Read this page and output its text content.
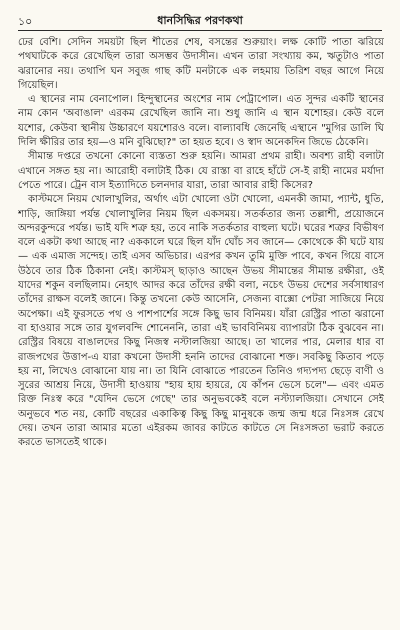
১০	ধানসিদ্ধির পরণকথা

ঢের বেশি। সেদিন সময়টা ছিল শীতের শেষ, বসন্তের শুরুয়াং। লক্ষ কোটি পাতা ঝরিয়ে পথঘাটকে করে রেখেছিল তারা অসম্ভব উদাসীন। এখন তারা সংখ্যায় কম, ঋতুটাও পাতা ঝরানোর নয়। তথাপি ঘন সবুজ গাছ কটি মনটাকে এক লহমায় তিরিশ বছর আগে নিয়ে গিয়েছিল।

এ স্থানের নাম বেনাপোল। হিন্দুস্থানের অংশের নাম পেট্রাপোল। এত সুন্দর একটি স্থানের নাম কোন 'অবাঙাল' এরকম রেখেছিল জানি না। শুধু জানি এ স্থান যশোহর। কেউ বলে যশোর, কেউবা স্থানীয় উচ্চারণে যয়শোরও বলে। বাল্যাবধি জেনেছি এস্থানে "মুগির ডালি ঘি দিলি ক্ষীরির তার হয়—ও মনি বুঝিছো?" তা হয়ত হবে। ও স্বাদ অনেকদিন জিভে ঠেকেনি।

সীমান্ত দপ্তরে তখনো কোনো ব্যস্ততা শুরু হয়নি। আমরা প্রথম রাহী। অবশ্য রাহী বলাটা এখানে সঙ্গত হয় না। আরোহী বলাটাই ঠিক। যে রাস্তা বা রাহে হাঁটে সে-ই রাহী নামের মর্যাদা পেতে পারে। ট্রেন বাস ইত্যাদিতে চলনদার যারা, তারা আবার রাহী কিসের?

কাস্টমসে নিয়ম খোলাখুলির, অর্থাৎ এটা খোলো ওটা খোলো, এমনকী জামা, প্যান্ট, ধুতি, শাড়ি, জাঙ্গিয়া পর্যন্ত খোলাখুলির নিয়ম ছিল একসময়। সতর্কতার জন্য তল্লাশী, প্রয়োজনে অন্দরকুন্দরে পর্যন্ত। ভাই যদি শত্রু হয়, তবে নাকি সতর্কতার বাহুল্য ঘটে। ঘরের শত্রুর বিভীষণ বলে একটা কথা আছে না? এককালে ঘরে ছিল যাঁদ ঘোঁচ সব জানে— কোথেকে কী ঘটে যায়— এক এমাজ সন্দেহ। তাই এসব অভিচার। এরপর কখন তুমি মুক্তি পাবে, কখন গিয়ে বাসে উঠবে তার ঠিক ঠিকানা নেই। কাস্টমস্ ছাড়াও আছেন উভয় সীমান্তের সীমান্ত রক্ষীরা, ওই যাদের শকুন বলছিলাম। নেহাৎ আদর করে তাঁদের রক্ষী বলা, নচেৎ উভয় দেশের সর্বসাধারণ তাঁদের রাক্ষস বলেই জানে। কিন্তু তখনো কেউ আসেনি, সেজন্য বাক্সো পেটরা সাজিয়ে নিয়ে অপেক্ষা। এই ফুরসতে পথ ও পাশপার্শের সঙ্গে কিছু ভাব বিনিময়। যাঁরা রেস্ট্রির পাতা ঝরানো বা হাওয়ার সঙ্গে তার যুগলবন্দি শোনেননি, তারা এই ভাববিনিময় ব্যাপারটা ঠিক বুঝবেন না। রেস্ট্রির বিষয়ে বাঙালদের কিছু নিজস্ব নস্টালজিয়া আছে। তা খালের পার, মেলার ধার বা রাজপথের উত্তাপ-এ যারা কখনো উদাসী হননি তাদের বোঝানো শক্ত। সবকিছু কিতাব পড়ে হয় না, লিখেও বোঝানো যায় না। তা যিনি বোঝাতে পারতেন তিনিও গদ্যপদ্য ছেড়ে বাণী ও সুরের আশ্রয় নিয়ে, উদাসী হাওয়ায় "হায় হায় হায়রে, যে কাঁপন ভেসে চলে"— এবং এমত রিক্ত নিঃস্ব করে "যেদিন ভেসে গেছে" তার অনুভবকেই বলে নস্ট্যালজিয়া। সেখানে সেই অনুভবে শত নয়, কোটি বছরের একাকিত্ব কিছু কিছু মানুষকে জন্ম জন্ম ধরে নিঃসঙ্গ রেখে দেয়। তখন তারা আমার মতো এইরকম জাবর কাটতে কাটতে সে নিঃসঙ্গতা ভরাট করতে করতে ভাসতেই থাকে।
